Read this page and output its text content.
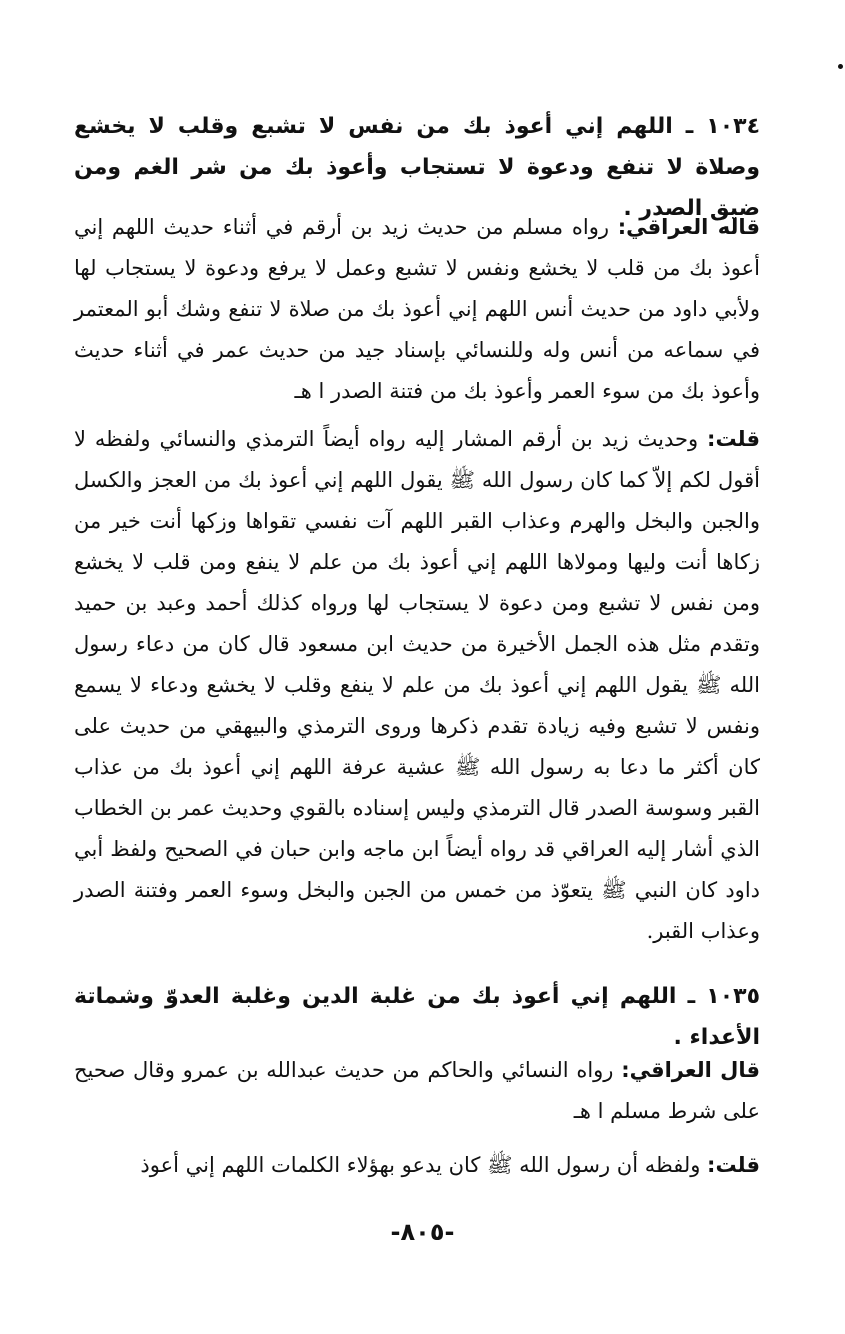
١٠٣٤ ـ اللهم إني أعوذ بك من نفس لا تشبع وقلب لا يخشع وصلاة لا تنفع ودعوة لا تستجاب وأعوذ بك من شر الغم ومن ضيق الصدر .

قاله العراقي: رواه مسلم من حديث زيد بن أرقم في أثناء حديث اللهم إني أعوذ بك من قلب لا يخشع ونفس لا تشبع وعمل لا يرفع ودعوة لا يستجاب لها ولأبي داود من حديث أنس اللهم إني أعوذ بك من صلاة لا تنفع وشك أبو المعتمر في سماعه من أنس وله وللنسائي بإسناد جيد من حديث عمر في أثناء حديث وأعوذ بك من سوء العمر وأعوذ بك من فتنة الصدر ا هـ

قلت: وحديث زيد بن أرقم المشار إليه رواه أيضاً الترمذي والنسائي ولفظه لا أقول لكم إلاّ كما كان رسول الله ﷺ يقول اللهم إني أعوذ بك من العجز والكسل والجبن والبخل والهرم وعذاب القبر اللهم آت نفسي تقواها وزكها أنت خير من زكاها أنت وليها ومولاها اللهم إني أعوذ بك من علم لا ينفع ومن قلب لا يخشع ومن نفس لا تشبع ومن دعوة لا يستجاب لها ورواه كذلك أحمد وعبد بن حميد وتقدم مثل هذه الجمل الأخيرة من حديث ابن مسعود قال كان من دعاء رسول الله ﷺ يقول اللهم إني أعوذ بك من علم لا ينفع وقلب لا يخشع ودعاء لا يسمع ونفس لا تشبع وفيه زيادة تقدم ذكرها وروى الترمذي والبيهقي من حديث على كان أكثر ما دعا به رسول الله ﷺ عشية عرفة اللهم إني أعوذ بك من عذاب القبر وسوسة الصدر قال الترمذي وليس إسناده بالقوي وحديث عمر بن الخطاب الذي أشار إليه العراقي قد رواه أيضاً ابن ماجه وابن حبان في الصحيح ولفظ أبي داود كان النبي ﷺ يتعوّذ من خمس من الجبن والبخل وسوء العمر وفتنة الصدر وعذاب القبر.

١٠٣٥ ـ اللهم إني أعوذ بك من غلبة الدين وغلبة العدوّ وشماتة الأعداء .

قال العراقي: رواه النسائي والحاكم من حديث عبدالله بن عمرو وقال صحيح على شرط مسلم ا هـ

قلت: ولفظه أن رسول الله ﷺ كان يدعو بهؤلاء الكلمات اللهم إني أعوذ

-٨٠٥-
